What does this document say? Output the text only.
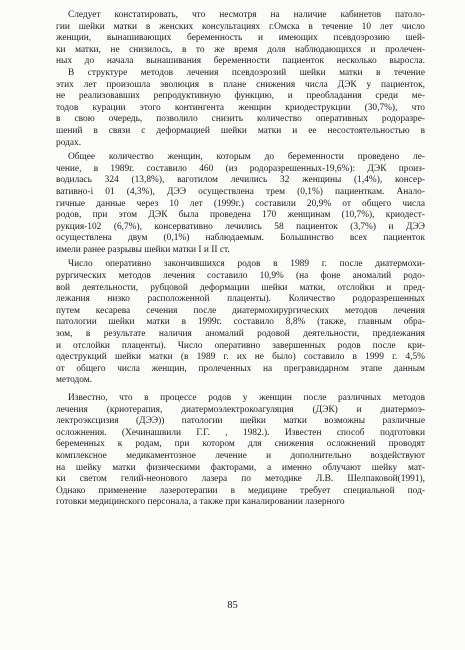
Следует констатировать, что несмотря на наличие кабинетов патоло-
гии шейки матки в женских консультациях г.Омска в течение 10 лет число
женщин, вынашивающих беременность и имеющих псевдоэрозию шей-
ки матки, не снизилось, в то же время доля наблюдающихся и пролечен-
ных до начала вынашивания беременности пациенток несколько выросла.
В структуре методов лечения псевдоэрозий шейки матки в течение
этих лет произошла эволюция в плане снижения числа ДЭК у пациенток,
не реализовавших репродуктивную функцию, и преобладания среди ме-
тодов курации этого контингента женщин криодеструкции (30,7%), что
в свою очередь, позволило снизить количество оперативных родоразре-
шений в связи с деформацией шейки матки и ее несостоятельностью в
родах.
Общее количество женщин, которым до беременности проведено ле-
чение, в 1989г. составило 460 (из родоразрешенных-19,6%): ДЭК произ-
водилась 324 (13,8%), ваготилом лечились 32 женщины (1,4%), консер-
вативно-i 01 (4,3%), ДЭЭ осуществлена трем (0,1%) пациенткам. Анало-
гичные данные через 10 лет (1999г.) составили 20,9% от общего числа
родов, при этом ДЭК была проведена 170 женщинам (10,7%), криодест-
рукция-102 (6,7%), консервативно лечились 58 пациенток (3,7%) и ДЭЭ
осуществлена двум (0,1%) наблюдаемым. Большинство всех пациенток
имели ранее разрывы шейки матки I и II ст.
Число оперативно закончившихся родов в 1989 г. после диатермохи-
рургических методов лечения составило 10,9% (на фоне аномалий родо-
вой деятельности, рубцовой деформации шейки матки, отслойки и пред-
лежания низко расположенной плаценты). Количество родоразрешенных
путем кесарева сечения после диатермохирургических методов лечения
патологии шейки матки в 1999г. составило 8,8% (также, главным обра-
зом, в результате наличия аномалий родовой деятельности, предлежания
и отслойки плаценты). Число оперативно завершенных родов после кри-
одеструкций шейки матки (в 1989 г. их не было) составило в 1999 г. 4,5%
от общего числа женщин, пролеченных на прегравидарном этапе данным
методом.
Известно, что в процессе родов у женщин после различных методов
лечения (криотерапия, диатермоэлектрокоагуляция (ДЭК) и диатермоэ-
лектроэксцизия (ДЭЭ)) патологии шейки матки возможны различные
осложнения. (Хечинашвили Г.Г. , 1982.). Известен способ подготовки
беременных к родам, при котором для снижения осложнений проводят
комплексное медикаментозное лечение и дополнительно воздействуют
на шейку матки физическими факторами, а именно облучают шейку мат-
ки светом гелий-неонового лазера по методике Л.В. Шелпаковой(1991),
Однако применение лазеротерапии в медицине требует специальной под-
готовки медицинского персонала, а также при каналировании лазерного
85
